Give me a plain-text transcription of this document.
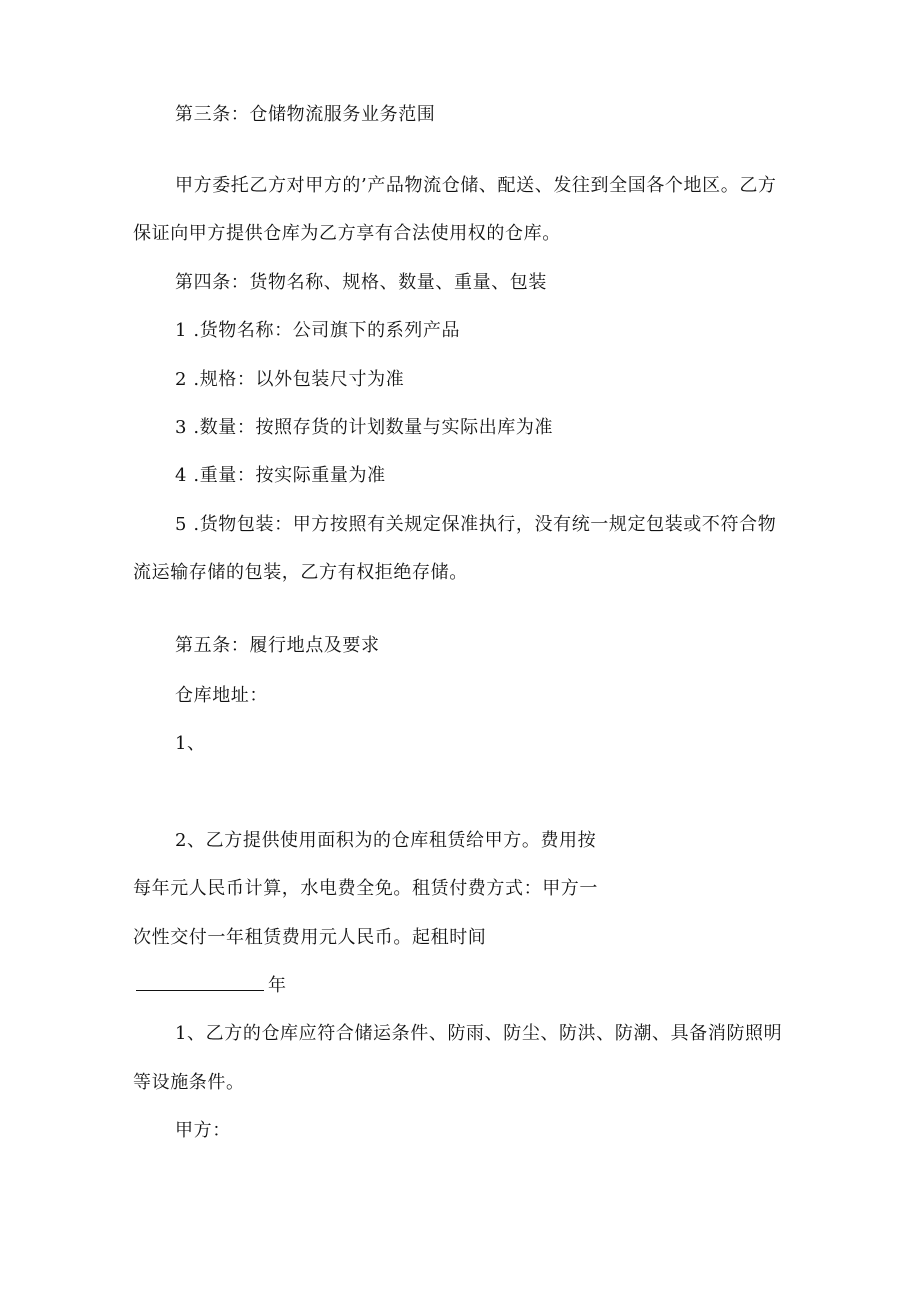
第三条：仓储物流服务业务范围
甲方委托乙方对甲方的’产品物流仓储、配送、发往到全国各个地区。乙方
保证向甲方提供仓库为乙方享有合法使用权的仓库。
第四条：货物名称、规格、数量、重量、包装
1 .货物名称：公司旗下的系列产品
2 .规格：以外包装尺寸为准
3 .数量：按照存货的计划数量与实际出库为准
4 .重量：按实际重量为准
5 .货物包装：甲方按照有关规定保准执行，没有统一规定包装或不符合物
流运输存储的包装，乙方有权拒绝存储。
第五条：履行地点及要求
仓库地址：
1、
2、乙方提供使用面积为的仓库租赁给甲方。费用按
每年元人民币计算，水电费全免。租赁付费方式：甲方一
次性交付一年租赁费用元人民币。起租时间
年
1、乙方的仓库应符合储运条件、防雨、防尘、防洪、防潮、具备消防照明
等设施条件。
甲方：
